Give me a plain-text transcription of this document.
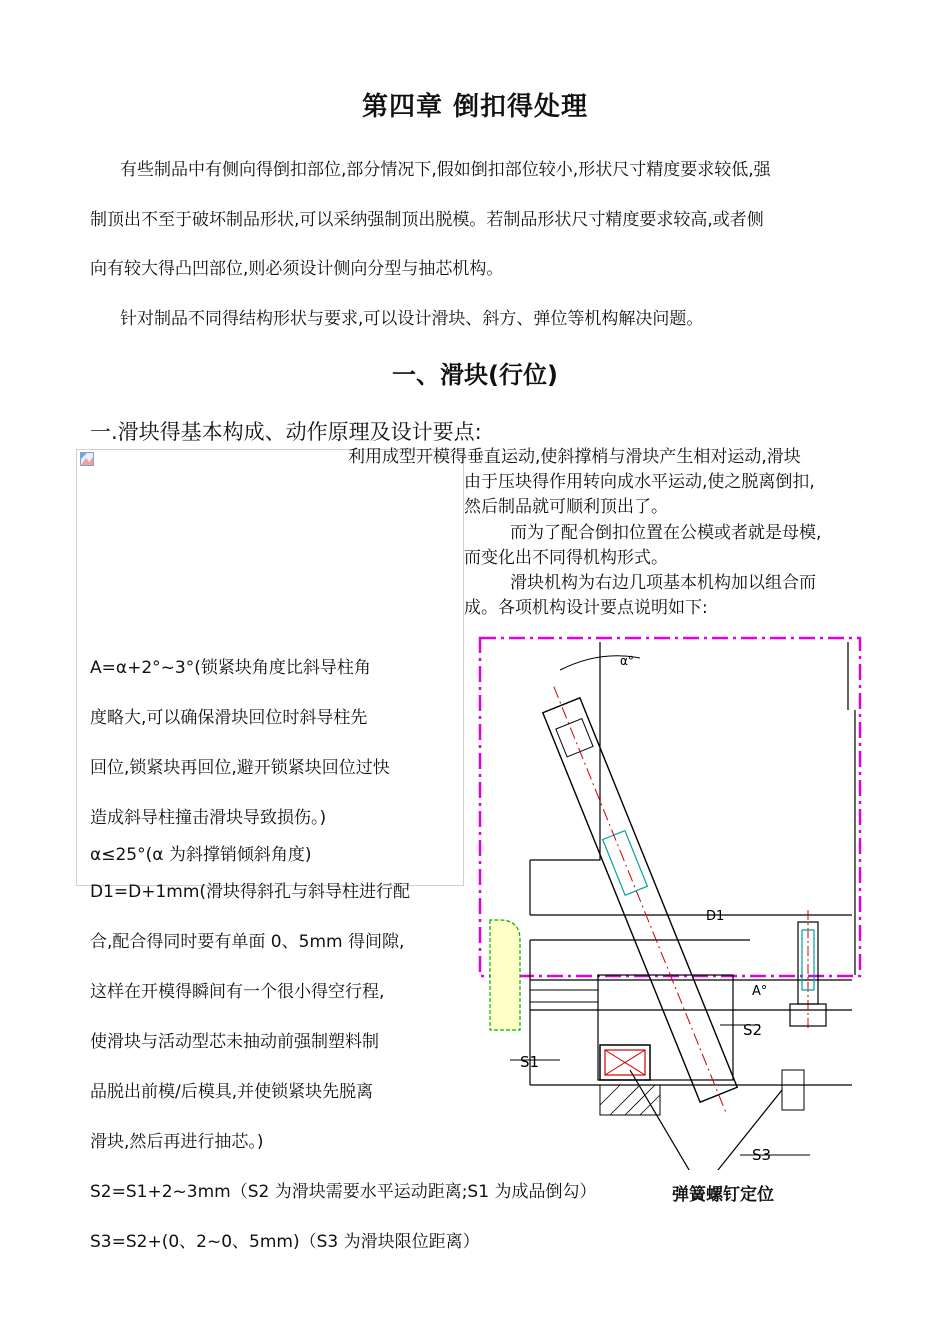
第四章 倒扣得处理
有些制品中有侧向得倒扣部位,部分情况下,假如倒扣部位较小,形状尺寸精度要求较低,强
制顶出不至于破坏制品形状,可以采纳强制顶出脱模。若制品形状尺寸精度要求较高,或者侧
向有较大得凸凹部位,则必须设计侧向分型与抽芯机构。
针对制品不同得结构形状与要求,可以设计滑块、斜方、弹位等机构解决问题。
一、滑块(行位)
一.滑块得基本构成、动作原理及设计要点:
利用成型开模得垂直运动,使斜撑梢与滑块产生相对运动,滑块
由于压块得作用转向成水平运动,使之脱离倒扣,
然后制品就可顺利顶出了。
而为了配合倒扣位置在公模或者就是母模,
而变化出不同得机构形式。
滑块机构为右边几项基本机构加以组合而
成。各项机构设计要点说明如下:
A=α+2°~3°(锁紧块角度比斜导柱角
度略大,可以确保滑块回位时斜导柱先
回位,锁紧块再回位,避开锁紧块回位过快
造成斜导柱撞击滑块导致损伤。)
α≤25°(α 为斜撑销倾斜角度)
D1=D+1mm(滑块得斜孔与斜导柱进行配
合,配合得同时要有单面 0、5mm 得间隙,
这样在开模得瞬间有一个很小得空行程,
使滑块与活动型芯未抽动前强制塑料制
品脱出前模/后模具,并使锁紧块先脱离
滑块,然后再进行抽芯。)
S2=S1+2~3mm（S2 为滑块需要水平运动距离;S1 为成品倒勾）
S3=S2+(0、2~0、5mm)（S3 为滑块限位距离）
S1
S2
A°
α°
D1
S3
弹簧螺钉定位
